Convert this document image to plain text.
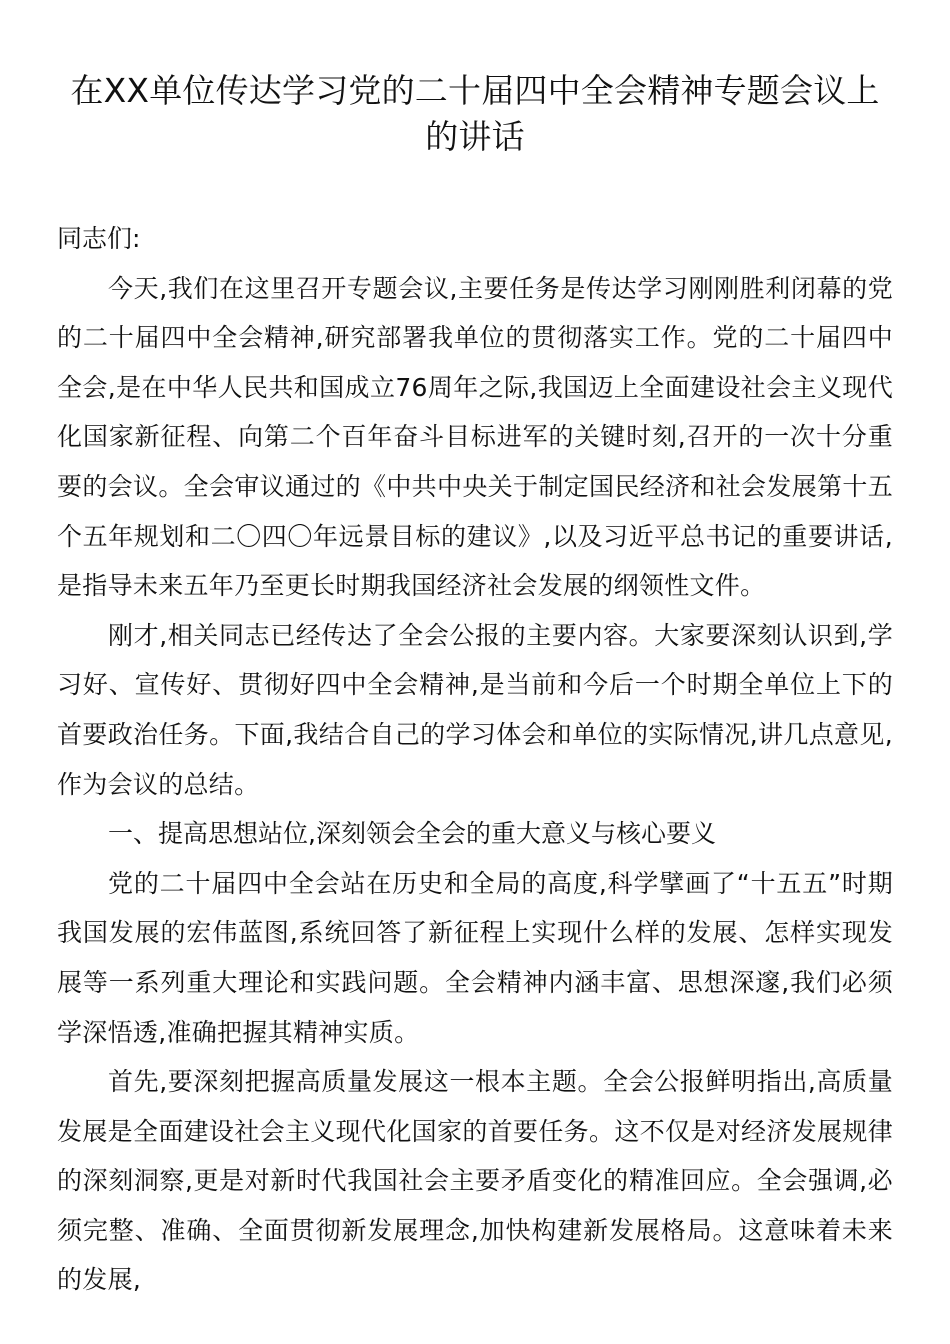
在XX单位传达学习党的二十届四中全会精神专题会议上的讲话

同志们:

今天,我们在这里召开专题会议,主要任务是传达学习刚刚胜利闭幕的党的二十届四中全会精神,研究部署我单位的贯彻落实工作。党的二十届四中全会,是在中华人民共和国成立76周年之际,我国迈上全面建设社会主义现代化国家新征程、向第二个百年奋斗目标进军的关键时刻,召开的一次十分重要的会议。全会审议通过的《中共中央关于制定国民经济和社会发展第十五个五年规划和二〇四〇年远景目标的建议》,以及习近平总书记的重要讲话,是指导未来五年乃至更长时期我国经济社会发展的纲领性文件。

刚才,相关同志已经传达了全会公报的主要内容。大家要深刻认识到,学习好、宣传好、贯彻好四中全会精神,是当前和今后一个时期全单位上下的首要政治任务。下面,我结合自己的学习体会和单位的实际情况,讲几点意见,作为会议的总结。

一、提高思想站位,深刻领会全会的重大意义与核心要义

党的二十届四中全会站在历史和全局的高度,科学擘画了“十五五”时期我国发展的宏伟蓝图,系统回答了新征程上实现什么样的发展、怎样实现发展等一系列重大理论和实践问题。全会精神内涵丰富、思想深邃,我们必须学深悟透,准确把握其精神实质。

首先,要深刻把握高质量发展这一根本主题。全会公报鲜明指出,高质量发展是全面建设社会主义现代化国家的首要任务。这不仅是对经济发展规律的深刻洞察,更是对新时代我国社会主要矛盾变化的精准回应。全会强调,必须完整、准确、全面贯彻新发展理念,加快构建新发展格局。这意味着未来的发展,
